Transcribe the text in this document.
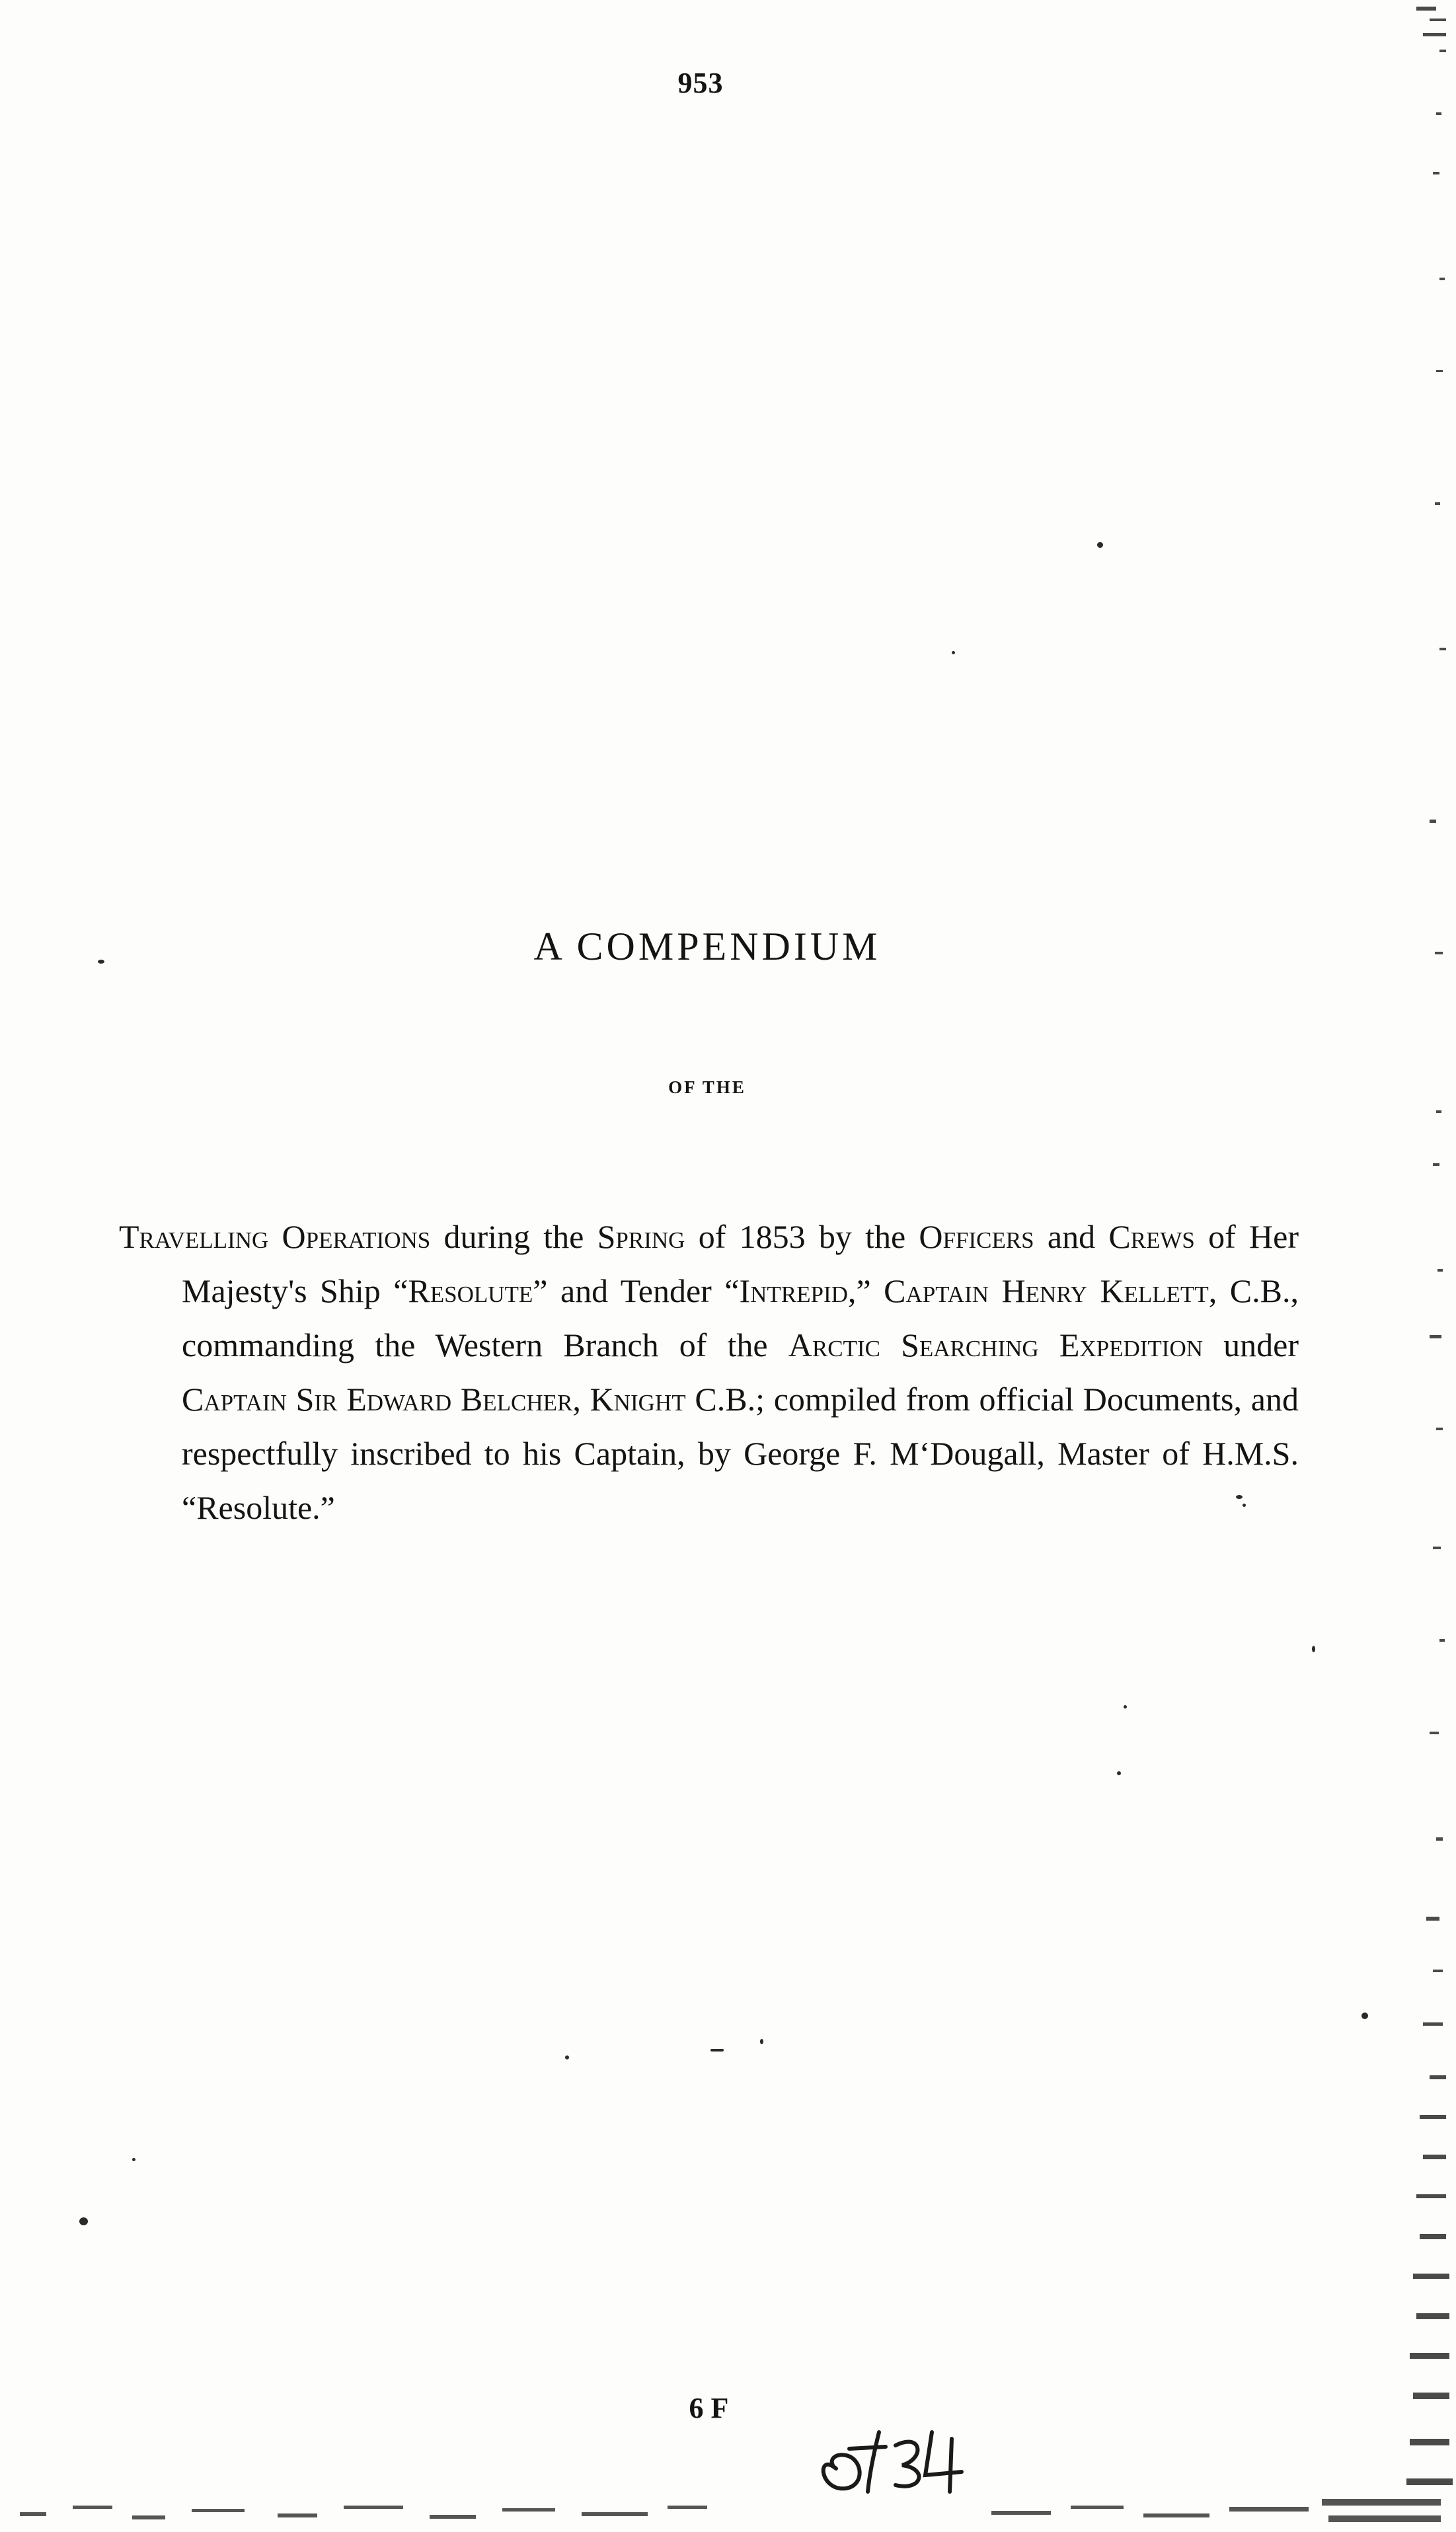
953
A COMPENDIUM
OF THE

Travelling Operations during the Spring of 1853 by the Officers and Crews of Her Majesty's Ship “Resolute” and Tender “Intrepid,” Captain Henry Kellett, C.B., commanding the Western Branch of the Arctic Searching Expedition under Captain Sir Edward Belcher, Knight C.B.; compiled from official Documents, and respectfully inscribed to his Captain, by George F. M‘Dougall, Master of H.M.S. “Resolute.”

6 F
